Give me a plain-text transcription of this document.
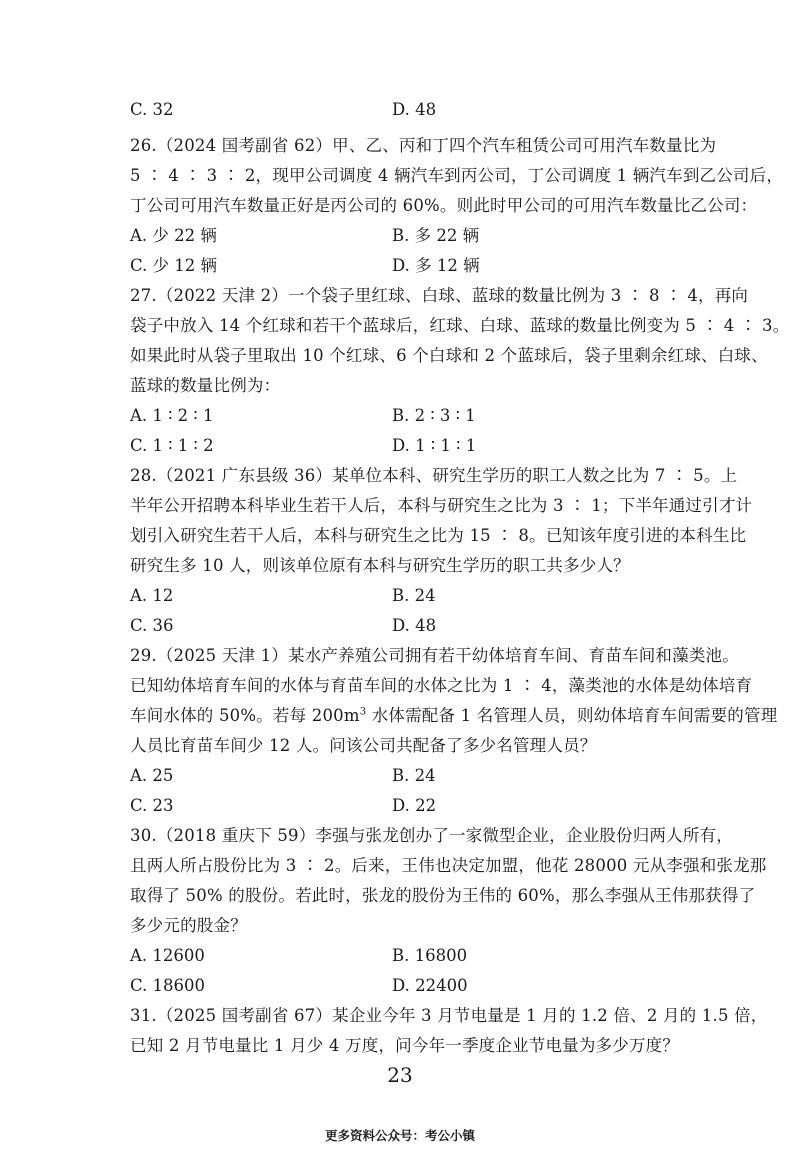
C. 32	D. 48
26.（2024 国考副省 62）甲、乙、丙和丁四个汽车租赁公司可用汽车数量比为
5 ∶ 4 ∶ 3 ∶ 2，现甲公司调度 4 辆汽车到丙公司，丁公司调度 1 辆汽车到乙公司后，
丁公司可用汽车数量正好是丙公司的 60%。则此时甲公司的可用汽车数量比乙公司：
A. 少 22 辆	B. 多 22 辆
C. 少 12 辆	D. 多 12 辆
27.（2022 天津 2）一个袋子里红球、白球、蓝球的数量比例为 3 ∶ 8 ∶ 4，再向
袋子中放入 14 个红球和若干个蓝球后，红球、白球、蓝球的数量比例变为 5 ∶ 4 ∶ 3。
如果此时从袋子里取出 10 个红球、6 个白球和 2 个蓝球后，袋子里剩余红球、白球、
蓝球的数量比例为：
A. 1 ∶ 2 ∶ 1	B. 2 ∶ 3 ∶ 1
C. 1 ∶ 1 ∶ 2	D. 1 ∶ 1 ∶ 1
28.（2021 广东县级 36）某单位本科、研究生学历的职工人数之比为 7 ∶ 5。上
半年公开招聘本科毕业生若干人后，本科与研究生之比为 3 ∶ 1；下半年通过引才计
划引入研究生若干人后，本科与研究生之比为 15 ∶ 8。已知该年度引进的本科生比
研究生多 10 人，则该单位原有本科与研究生学历的职工共多少人？
A. 12	B. 24
C. 36	D. 48
29.（2025 天津 1）某水产养殖公司拥有若干幼体培育车间、育苗车间和藻类池。
已知幼体培育车间的水体与育苗车间的水体之比为 1 ∶ 4，藻类池的水体是幼体培育
车间水体的 50%。若每 $200m^3$ 水体需配备 1 名管理人员，则幼体培育车间需要的管理
人员比育苗车间少 12 人。问该公司共配备了多少名管理人员？
A. 25	B. 24
C. 23	D. 22
30.（2018 重庆下 59）李强与张龙创办了一家微型企业，企业股份归两人所有，
且两人所占股份比为 3 ∶ 2。后来，王伟也决定加盟，他花 28000 元从李强和张龙那
取得了 50% 的股份。若此时，张龙的股份为王伟的 60%，那么李强从王伟那获得了
多少元的股金？
A. 12600	B. 16800
C. 18600	D. 22400
31.（2025 国考副省 67）某企业今年 3 月节电量是 1 月的 1.2 倍、2 月的 1.5 倍，
已知 2 月节电量比 1 月少 4 万度，问今年一季度企业节电量为多少万度？
23
更多资料公众号：考公小镇
